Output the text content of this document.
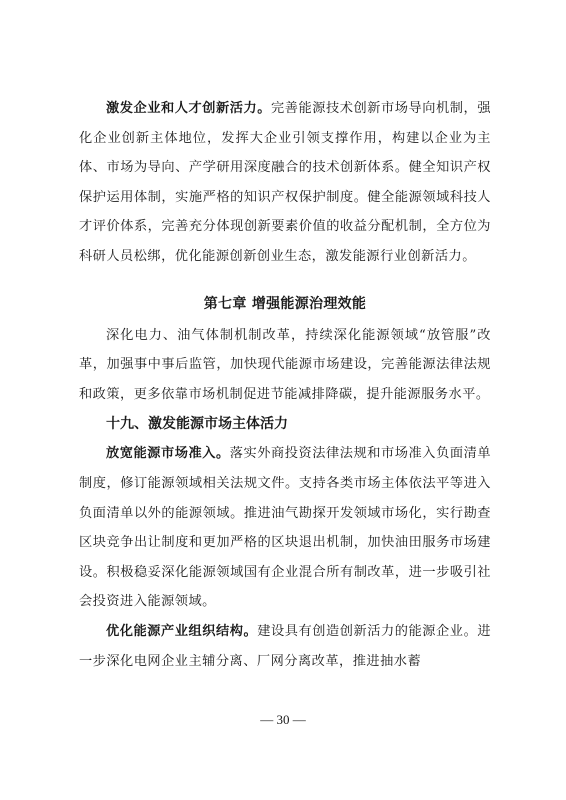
激发企业和人才创新活力。完善能源技术创新市场导向机制，强化企业创新主体地位，发挥大企业引领支撑作用，构建以企业为主体、市场为导向、产学研用深度融合的技术创新体系。健全知识产权保护运用体制，实施严格的知识产权保护制度。健全能源领域科技人才评价体系，完善充分体现创新要素价值的收益分配机制，全方位为科研人员松绑，优化能源创新创业生态，激发能源行业创新活力。

第七章 增强能源治理效能

深化电力、油气体制机制改革，持续深化能源领域“放管服”改革，加强事中事后监管，加快现代能源市场建设，完善能源法律法规和政策，更多依靠市场机制促进节能减排降碳，提升能源服务水平。

十九、激发能源市场主体活力

放宽能源市场准入。落实外商投资法律法规和市场准入负面清单制度，修订能源领域相关法规文件。支持各类市场主体依法平等进入负面清单以外的能源领域。推进油气勘探开发领域市场化，实行勘查区块竞争出让制度和更加严格的区块退出机制，加快油田服务市场建设。积极稳妥深化能源领域国有企业混合所有制改革，进一步吸引社会投资进入能源领域。

优化能源产业组织结构。建设具有创造创新活力的能源企业。进一步深化电网企业主辅分离、厂网分离改革，推进抽水蓄

— 30 —
